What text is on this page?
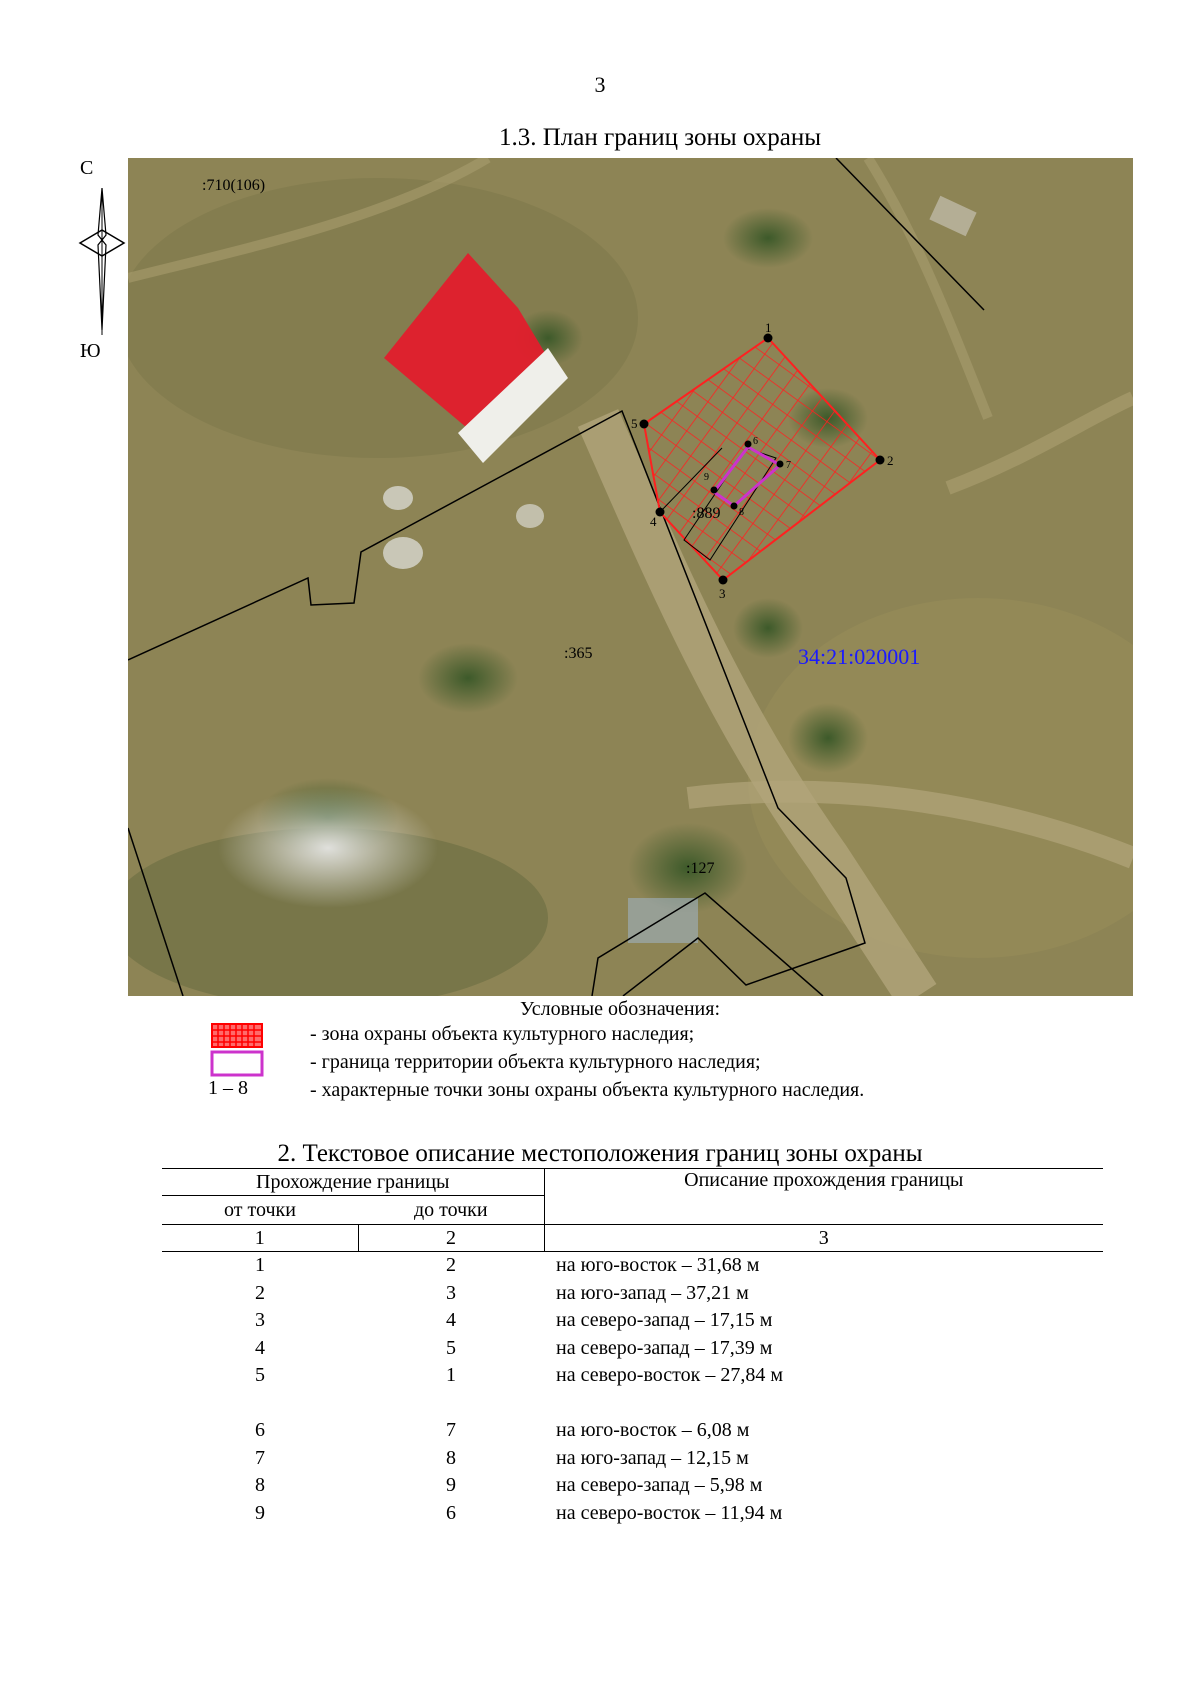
3
1.3. План границ зоны охраны
С
Ю
1
2
3
4
5
6
7
8
9
:710(106)
:889
:365
:127
34:21:020001
Условные обозначения:
- зона охраны объекта культурного наследия;
- граница территории объекта культурного наследия;
1 – 8	- характерные точки зоны охраны объекта культурного наследия.
2. Текстовое описание местоположения границ зоны охраны
Прохождение границы		Описание прохождения границы
от точки	до точки	
1	2	3
1	2	на юго-восток – 31,68 м
2	3	на юго-запад – 37,21 м
3	4	на северо-запад – 17,15 м
4	5	на северо-запад – 17,39 м
5	1	на северо-восток – 27,84 м

6	7	на юго-восток – 6,08 м
7	8	на юго-запад – 12,15 м
8	9	на северо-запад – 5,98 м
9	6	на северо-восток – 11,94 м
